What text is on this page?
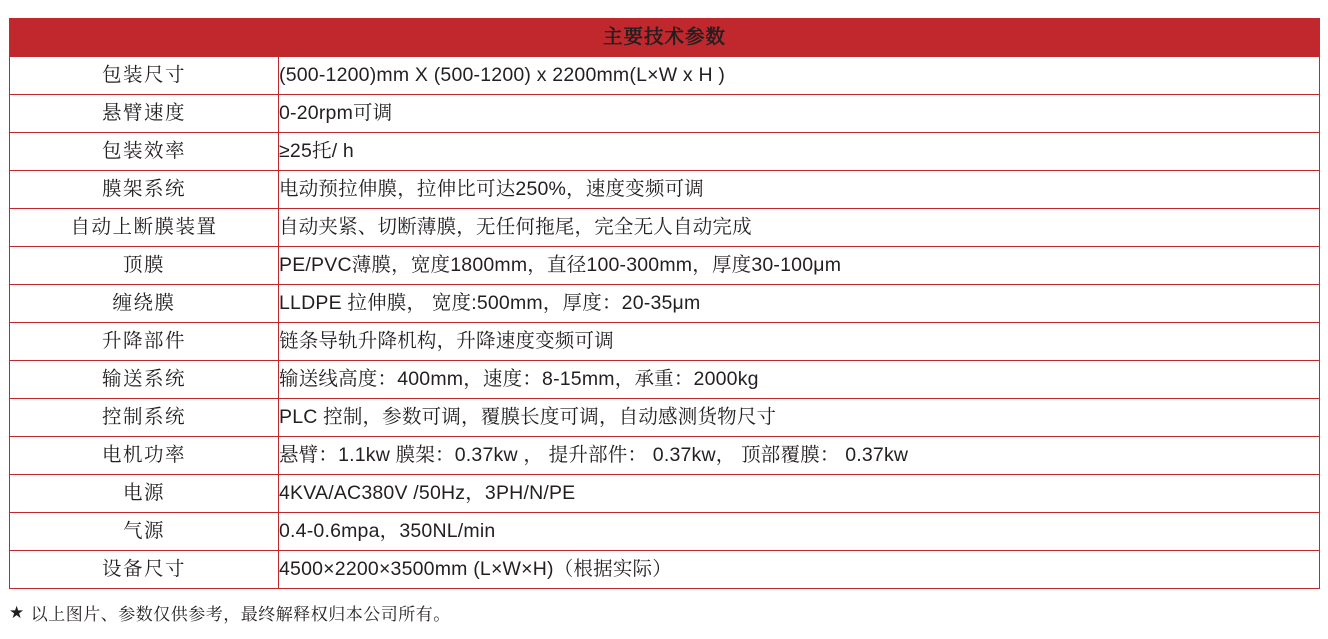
主要技术参数	
包装尺寸	(500-1200)mm X (500-1200) x 2200mm(L×W x H )
悬臂速度	0-20rpm可调
包装效率	≥25托/ h
膜架系统	电动预拉伸膜，拉伸比可达250%，速度变频可调
自动上断膜装置	自动夹紧、切断薄膜，无任何拖尾，完全无人自动完成
顶膜	PE/PVC薄膜，宽度1800mm，直径100-300mm，厚度30-100μm
缠绕膜	LLDPE 拉伸膜， 宽度:500mm，厚度：20-35μm
升降部件	链条导轨升降机构，升降速度变频可调
输送系统	输送线高度：400mm，速度：8-15mm，承重：2000kg
控制系统	PLC 控制，参数可调，覆膜长度可调，自动感测货物尺寸
电机功率	悬臂：1.1kw 膜架：0.37kw ， 提升部件： 0.37kw， 顶部覆膜： 0.37kw
电源	4KVA/AC380V /50Hz，3PH/N/PE
气源	0.4-0.6mpa，350NL/min
设备尺寸	4500×2200×3500mm (L×W×H)（根据实际）
★ 以上图片、参数仅供参考，最终解释权归本公司所有。
